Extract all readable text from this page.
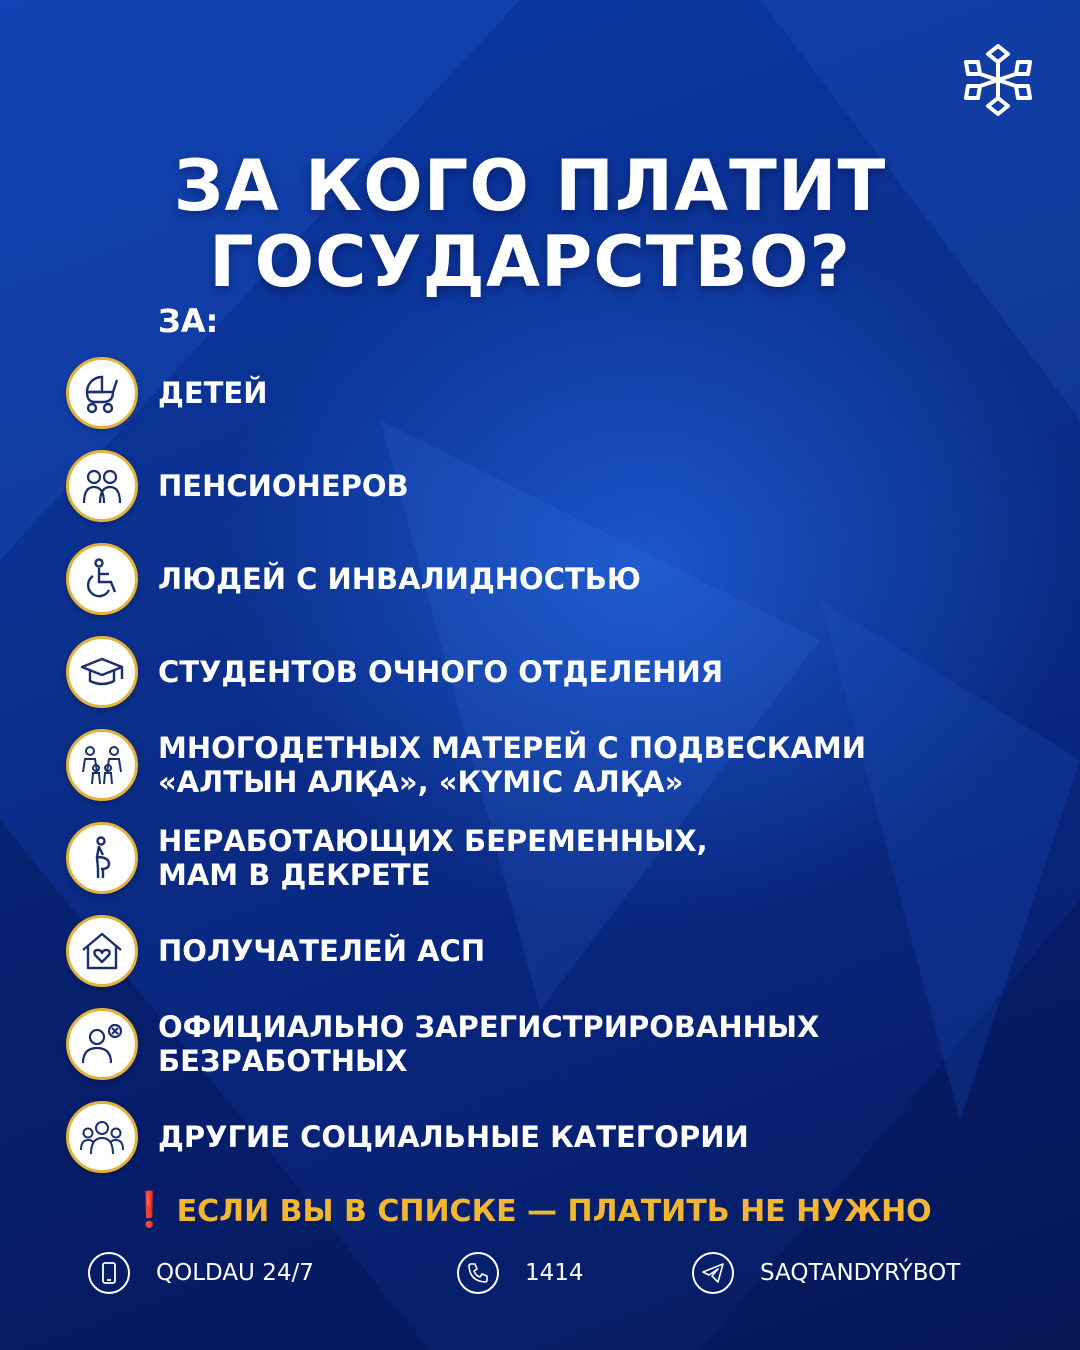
ЗА КОГО ПЛАТИТ
ГОСУДАРСТВО?
ЗА:
ДЕТЕЙ
ПЕНСИОНЕРОВ
ЛЮДЕЙ С ИНВАЛИДНОСТЬЮ
СТУДЕНТОВ ОЧНОГО ОТДЕЛЕНИЯ
МНОГОДЕТНЫХ МАТЕРЕЙ С ПОДВЕСКАМИ
«АЛТЫН АЛҚА», «КҮМІС АЛҚА»
НЕРАБОТАЮЩИХ БЕРЕМЕННЫХ,
МАМ В ДЕКРЕТЕ
ПОЛУЧАТЕЛЕЙ АСП
ОФИЦИАЛЬНО ЗАРЕГИСТРИРОВАННЫХ
БЕЗРАБОТНЫХ
ДРУГИЕ СОЦИАЛЬНЫЕ КАТЕГОРИИ
❗ ЕСЛИ ВЫ В СПИСКЕ — ПЛАТИТЬ НЕ НУЖНО
QOLDAU 24/7	1414	SAQTANDYRÝBOT
